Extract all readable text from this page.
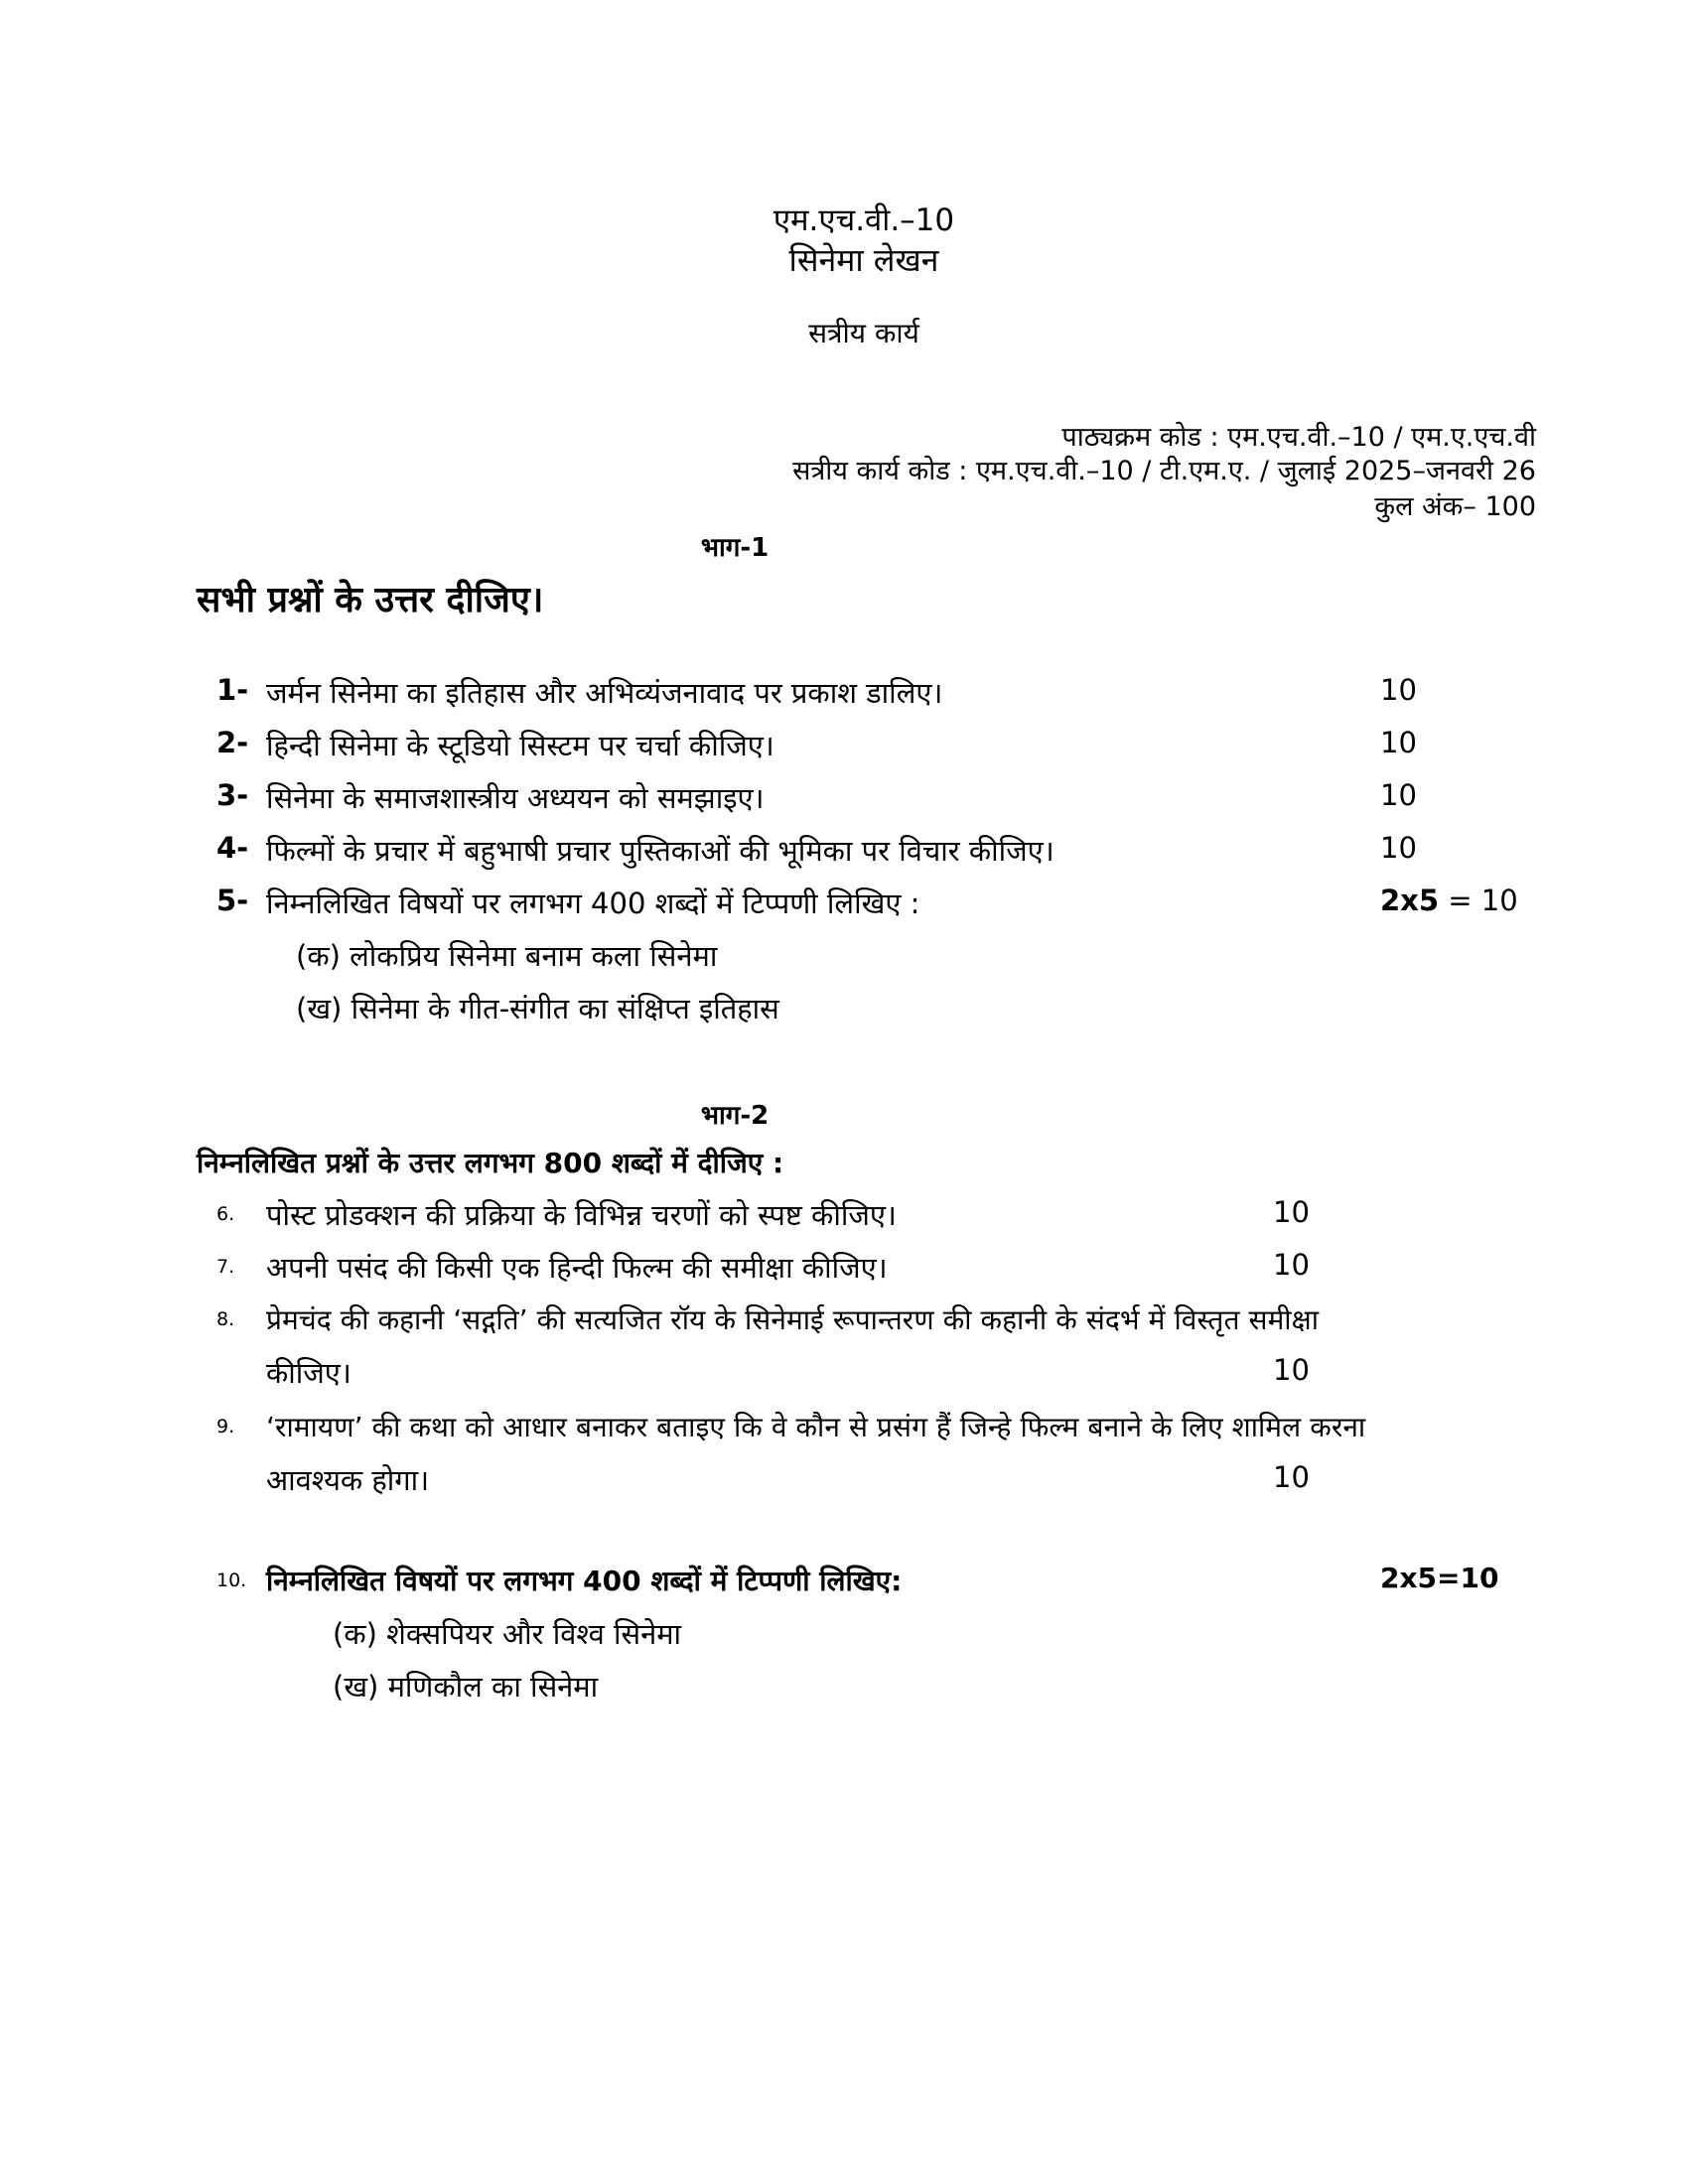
एम.एच.वी.–10
सिनेमा लेखन
सत्रीय कार्य
पाठ्यक्रम कोड : एम.एच.वी.–10 / एम.ए.एच.वी
सत्रीय कार्य कोड : एम.एच.वी.–10 / टी.एम.ए. / जुलाई 2025–जनवरी 26
कुल अंक– 100
भाग-1
सभी प्रश्नों के उत्तर दीजिए।
1- जर्मन सिनेमा का इतिहास और अभिव्यंजनावाद पर प्रकाश डालिए।	10
2- हिन्दी सिनेमा के स्टूडियो सिस्टम पर चर्चा कीजिए।	10
3- सिनेमा के समाजशास्त्रीय अध्ययन को समझाइए।	10
4- फिल्मों के प्रचार में बहुभाषी प्रचार पुस्तिकाओं की भूमिका पर विचार कीजिए।	10
5- निम्नलिखित विषयों पर लगभग 400 शब्दों में टिप्पणी लिखिए :	2x5 = 10
(क) लोकप्रिय सिनेमा बनाम कला सिनेमा
(ख) सिनेमा के गीत-संगीत का संक्षिप्त इतिहास
भाग-2
निम्नलिखित प्रश्नों के उत्तर लगभग 800 शब्दों में दीजिए :
6. पोस्ट प्रोडक्शन की प्रक्रिया के विभिन्न चरणों को स्पष्ट कीजिए।	10
7. अपनी पसंद की किसी एक हिन्दी फिल्म की समीक्षा कीजिए।	10
8. प्रेमचंद की कहानी ‘सद्गति’ की सत्यजित रॉय के सिनेमाई रूपान्तरण की कहानी के संदर्भ में विस्तृत समीक्षा
कीजिए।	10
9. ‘रामायण’ की कथा को आधार बनाकर बताइए कि वे कौन से प्रसंग हैं जिन्हे फिल्म बनाने के लिए शामिल करना
आवश्यक होगा।	10
10. निम्नलिखित विषयों पर लगभग 400 शब्दों में टिप्पणी लिखिए:	2x5=10
(क) शेक्सपियर और विश्व सिनेमा
(ख) मणिकौल का सिनेमा
